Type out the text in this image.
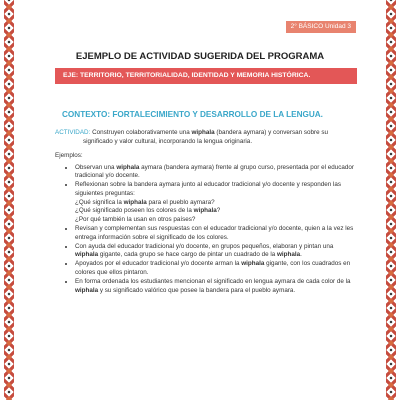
2° BÁSICO Unidad 3
EJEMPLO DE ACTIVIDAD SUGERIDA DEL PROGRAMA
EJE: TERRITORIO, TERRITORIALIDAD, IDENTIDAD Y MEMORIA HISTÓRICA.
CONTEXTO: FORTALECIMIENTO Y DESARROLLO DE LA LENGUA.

ACTIVIDAD: Construyen colaborativamente una wiphala (bandera aymara) y conversan sobre su
significado y valor cultural, incorporando la lengua originaria.

Ejemplos:

• Observan una wiphala aymara (bandera aymara) frente al grupo curso, presentada por el educador tradicional y/o docente.
• Reflexionan sobre la bandera aymara junto al educador tradicional y/o docente y responden las siguientes preguntas:
¿Qué significa la wiphala para el pueblo aymara?
¿Qué significado poseen los colores de la wiphala?
¿Por qué también la usan en otros países?
• Revisan y complementan sus respuestas con el educador tradicional y/o docente, quien a la vez les entrega información sobre el significado de los colores.
• Con ayuda del educador tradicional y/o docente, en grupos pequeños, elaboran y pintan una wiphala gigante, cada grupo se hace cargo de pintar un cuadrado de la wiphala.
• Apoyados por el educador tradicional y/o docente arman la wiphala gigante, con los cuadrados en colores que ellos pintaron.
• En forma ordenada los estudiantes mencionan el significado en lengua aymara de cada color de la wiphala y su significado valórico que posee la bandera para el pueblo aymara.
